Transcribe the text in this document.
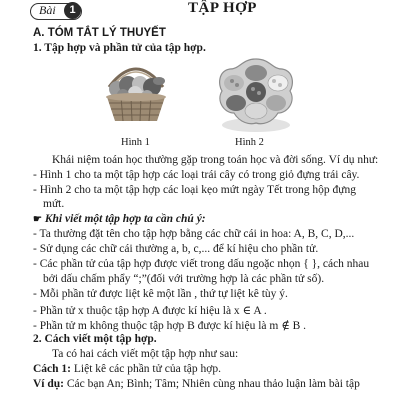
Bài	1	TẬP HỢP
A. TÓM TẮT LÝ THUYẾT
1. Tập hợp và phần tử của tập hợp.
Hình 1	Hình 2
Khái niệm toán học thường gặp trong toán học và đời sống. Ví dụ như:
- Hình 1 cho ta một tập hợp các loại trái cây có trong giỏ đựng trái cây.
- Hình 2 cho ta một tập hợp các loại kẹo mứt ngày Tết trong hộp đựng
mứt.
☛ Khi viết một tập hợp ta cần chú ý:
- Ta thường đặt tên cho tập hợp bằng các chữ cái in hoa: A, B, C, D,...
- Sử dụng các chữ cái thường a, b, c,... để kí hiệu cho phần tử.
- Các phần tử của tập hợp được viết trong dấu ngoặc nhọn { }, cách nhau
bởi dấu chấm phẩy “;”(đối với trường hợp là các phần tử số).
- Mỗi phần tử được liệt kê một lần , thứ tự liệt kê tùy ý.
- Phần tử x thuộc tập hợp A được kí hiệu là x ∈ A .
- Phần tử m không thuộc tập hợp B được kí hiệu là m ∉ B .
2. Cách viết một tập hợp.
Ta có hai cách viết một tập hợp như sau:
Cách 1: Liệt kê các phần tử của tập hợp.
Ví dụ: Các bạn An; Bình; Tâm; Nhiên cùng nhau thảo luận làm bài tập
